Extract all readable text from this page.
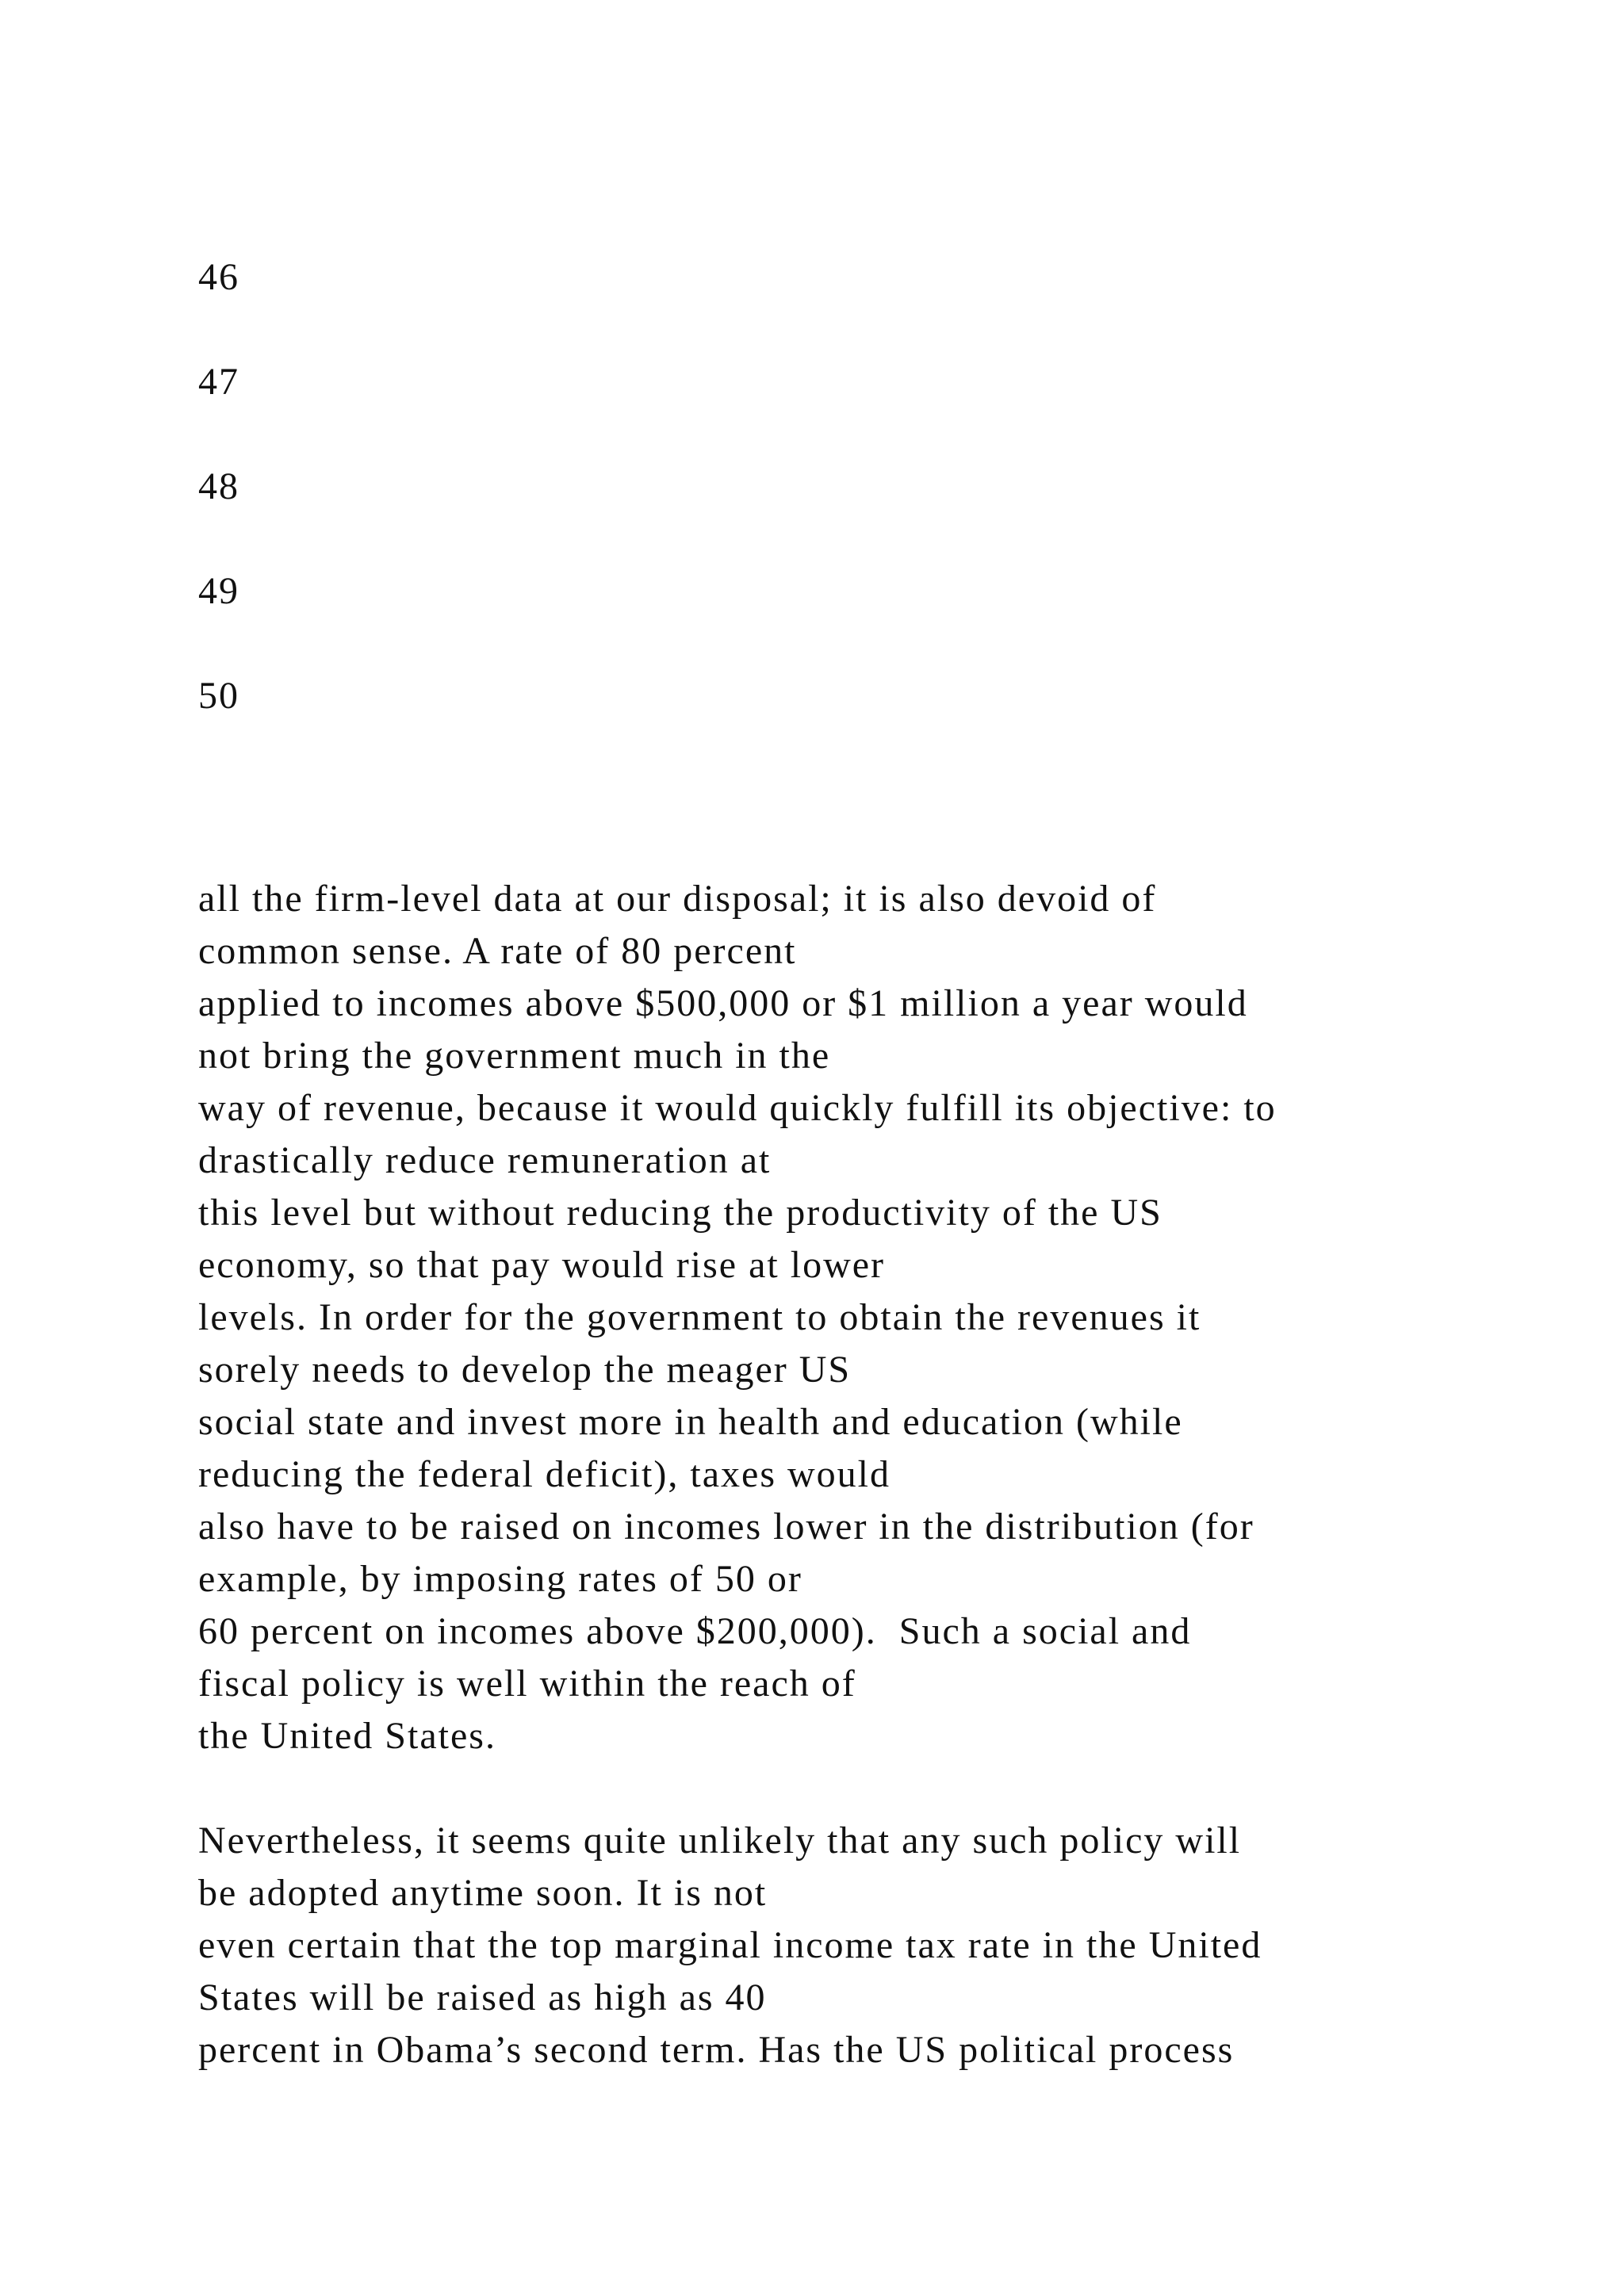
46

47

48

49

50

all the firm-level data at our disposal; it is also devoid of

common sense. A rate of 80 percent

applied to incomes above $500,000 or $1 million a year would

not bring the government much in the

way of revenue, because it would quickly fulfill its objective: to

drastically reduce remuneration at

this level but without reducing the productivity of the US

economy, so that pay would rise at lower

levels. In order for the government to obtain the revenues it

sorely needs to develop the meager US

social state and invest more in health and education (while

reducing the federal deficit), taxes would

also have to be raised on incomes lower in the distribution (for

example, by imposing rates of 50 or

60 percent on incomes above $200,000).  Such a social and

fiscal policy is well within the reach of

the United States.

Nevertheless, it seems quite unlikely that any such policy will

be adopted anytime soon. It is not

even certain that the top marginal income tax rate in the United

States will be raised as high as 40

percent in Obama’s second term. Has the US political process
